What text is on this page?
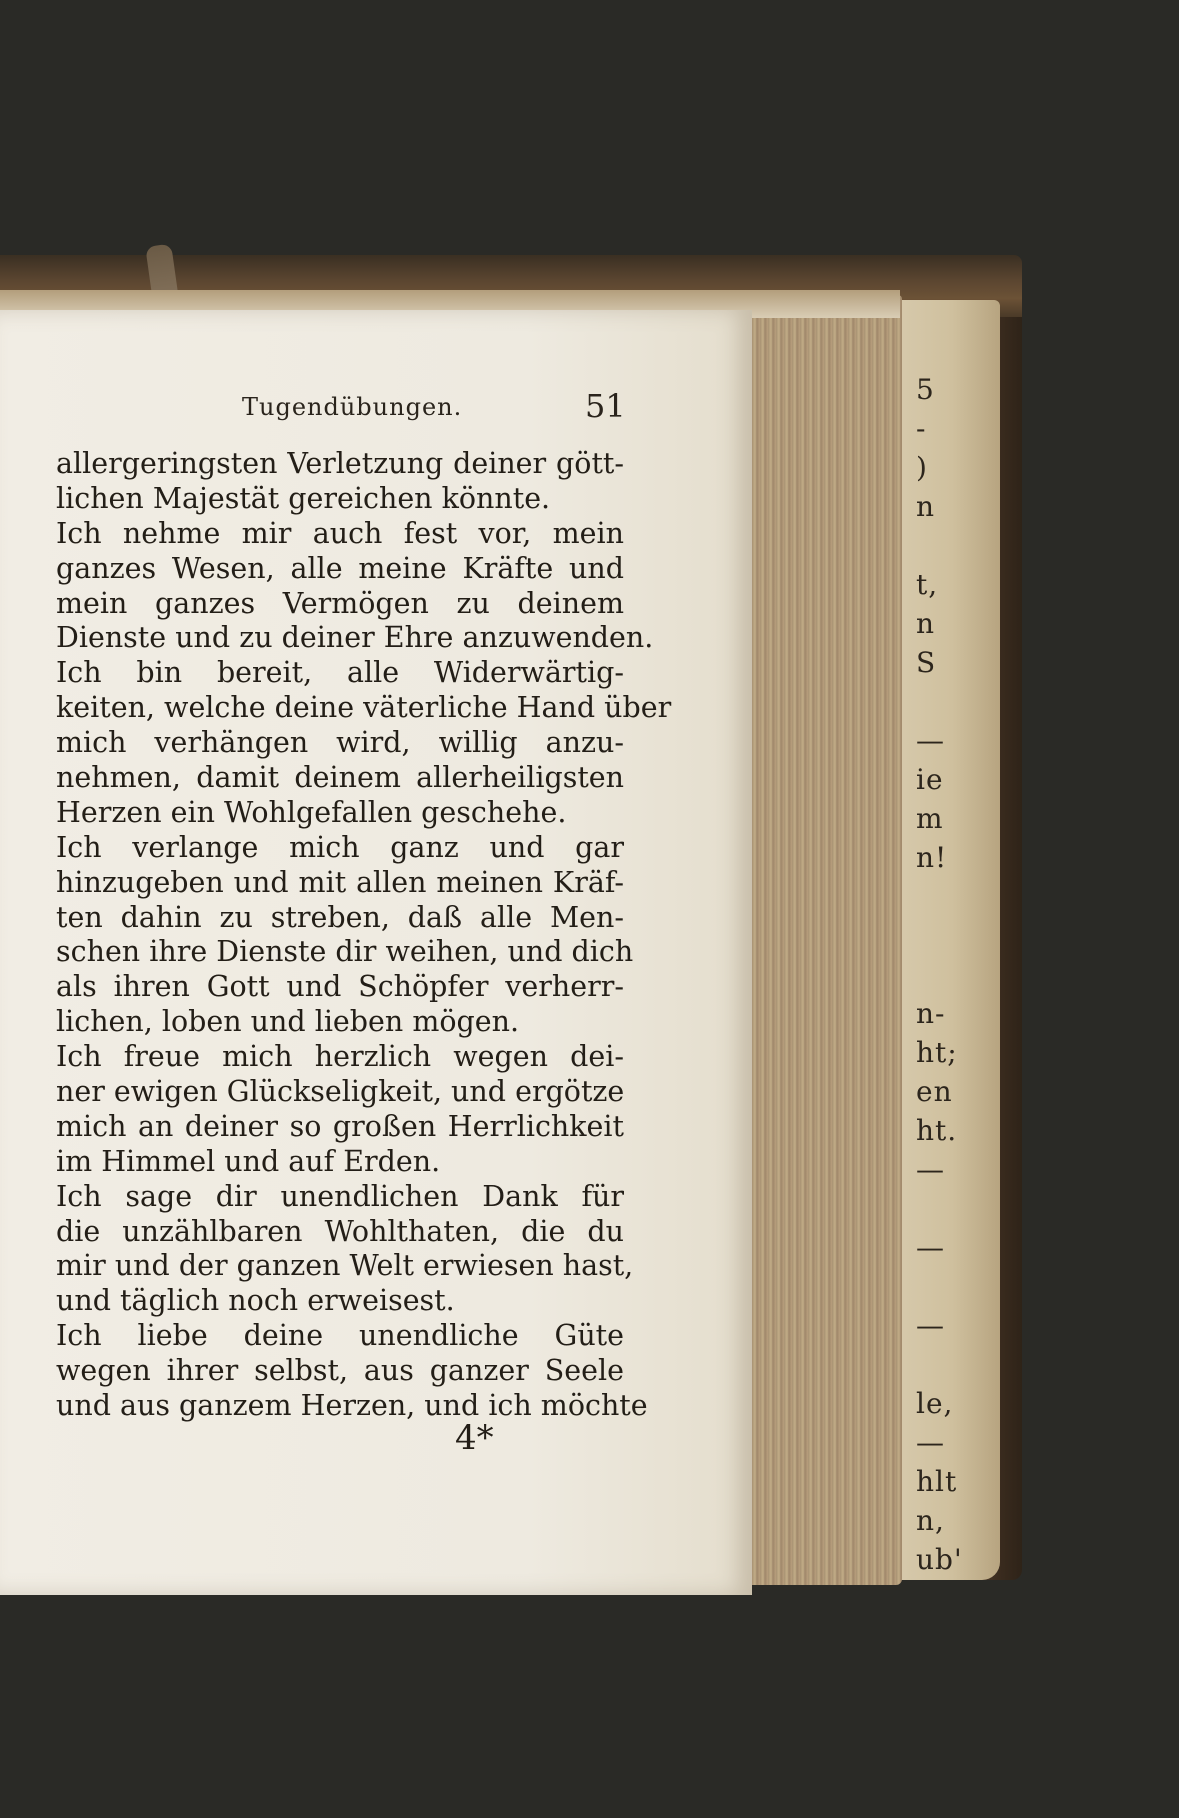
5
-
)
n

t,
n
S

—
ie
m
n!

n-
ht;
en
ht.
—

—

—

le,
—
hlt
n,
ub'
Tugendübungen.	51
allergeringsten Verletzung deiner gött-
lichen Majestät gereichen könnte.
Ich nehme mir auch fest vor, mein
ganzes Wesen, alle meine Kräfte und
mein ganzes Vermögen zu deinem
Dienste und zu deiner Ehre anzuwenden.
Ich bin bereit, alle Widerwärtig-
keiten, welche deine väterliche Hand über
mich verhängen wird, willig anzu-
nehmen, damit deinem allerheiligsten
Herzen ein Wohlgefallen geschehe.
Ich verlange mich ganz und gar
hinzugeben und mit allen meinen Kräf-
ten dahin zu streben, daß alle Men-
schen ihre Dienste dir weihen, und dich
als ihren Gott und Schöpfer verherr-
lichen, loben und lieben mögen.
Ich freue mich herzlich wegen dei-
ner ewigen Glückseligkeit, und ergötze
mich an deiner so großen Herrlichkeit
im Himmel und auf Erden.
Ich sage dir unendlichen Dank für
die unzählbaren Wohlthaten, die du
mir und der ganzen Welt erwiesen hast,
und täglich noch erweisest.
Ich liebe deine unendliche Güte
wegen ihrer selbst, aus ganzer Seele
und aus ganzem Herzen, und ich möchte
4*
